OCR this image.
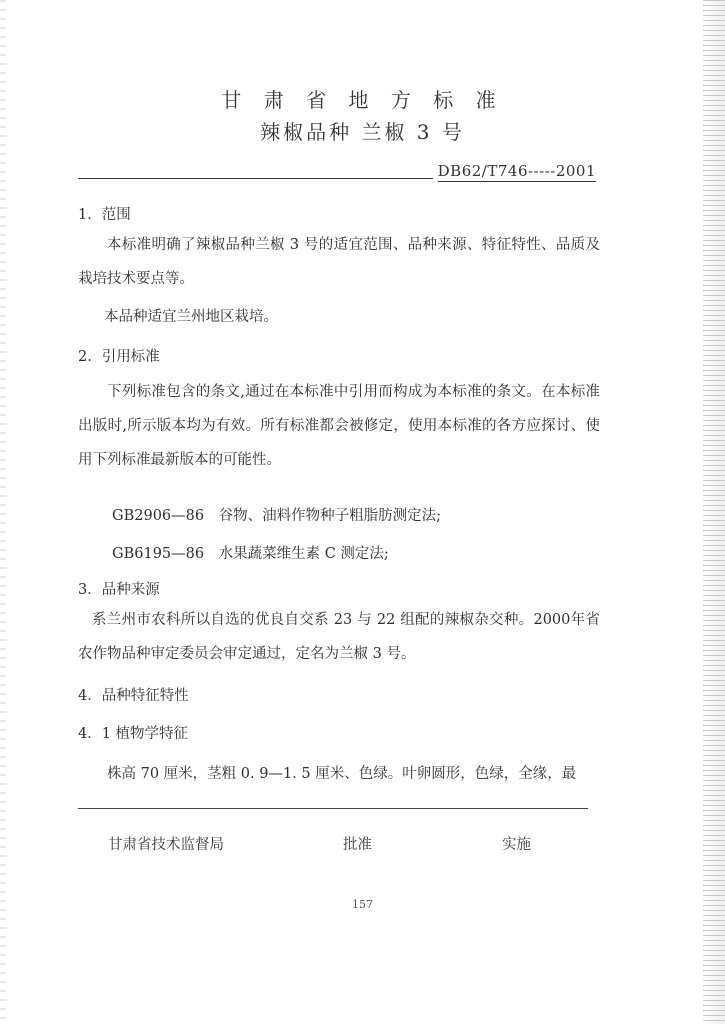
甘 肃 省 地 方 标 准
辣椒品种 兰椒 3 号
DB62/T746-----2001
1．范围
本标准明确了辣椒品种兰椒 3 号的适宜范围、品种来源、特征特性、品质及栽培技术要点等。
本品种适宜兰州地区栽培。
2．引用标准
下列标准包含的条文,通过在本标准中引用而构成为本标准的条文。在本标准出版时,所示版本均为有效。所有标准都会被修定，使用本标准的各方应探讨、使用下列标准最新版本的可能性。
GB2906—86　谷物、油料作物种子粗脂肪测定法;
GB6195—86　水果蔬菜维生素 C 测定法;
3．品种来源
系兰州市农科所以自选的优良自交系 23 与 22 组配的辣椒杂交种。2000年省农作物品种审定委员会审定通过，定名为兰椒 3 号。
4．品种特征特性
4．1 植物学特征
株高 70 厘米，茎粗 0. 9—1. 5 厘米、色绿。叶卵圆形，色绿，全缘，最
甘肃省技术监督局	批准	实施
157
